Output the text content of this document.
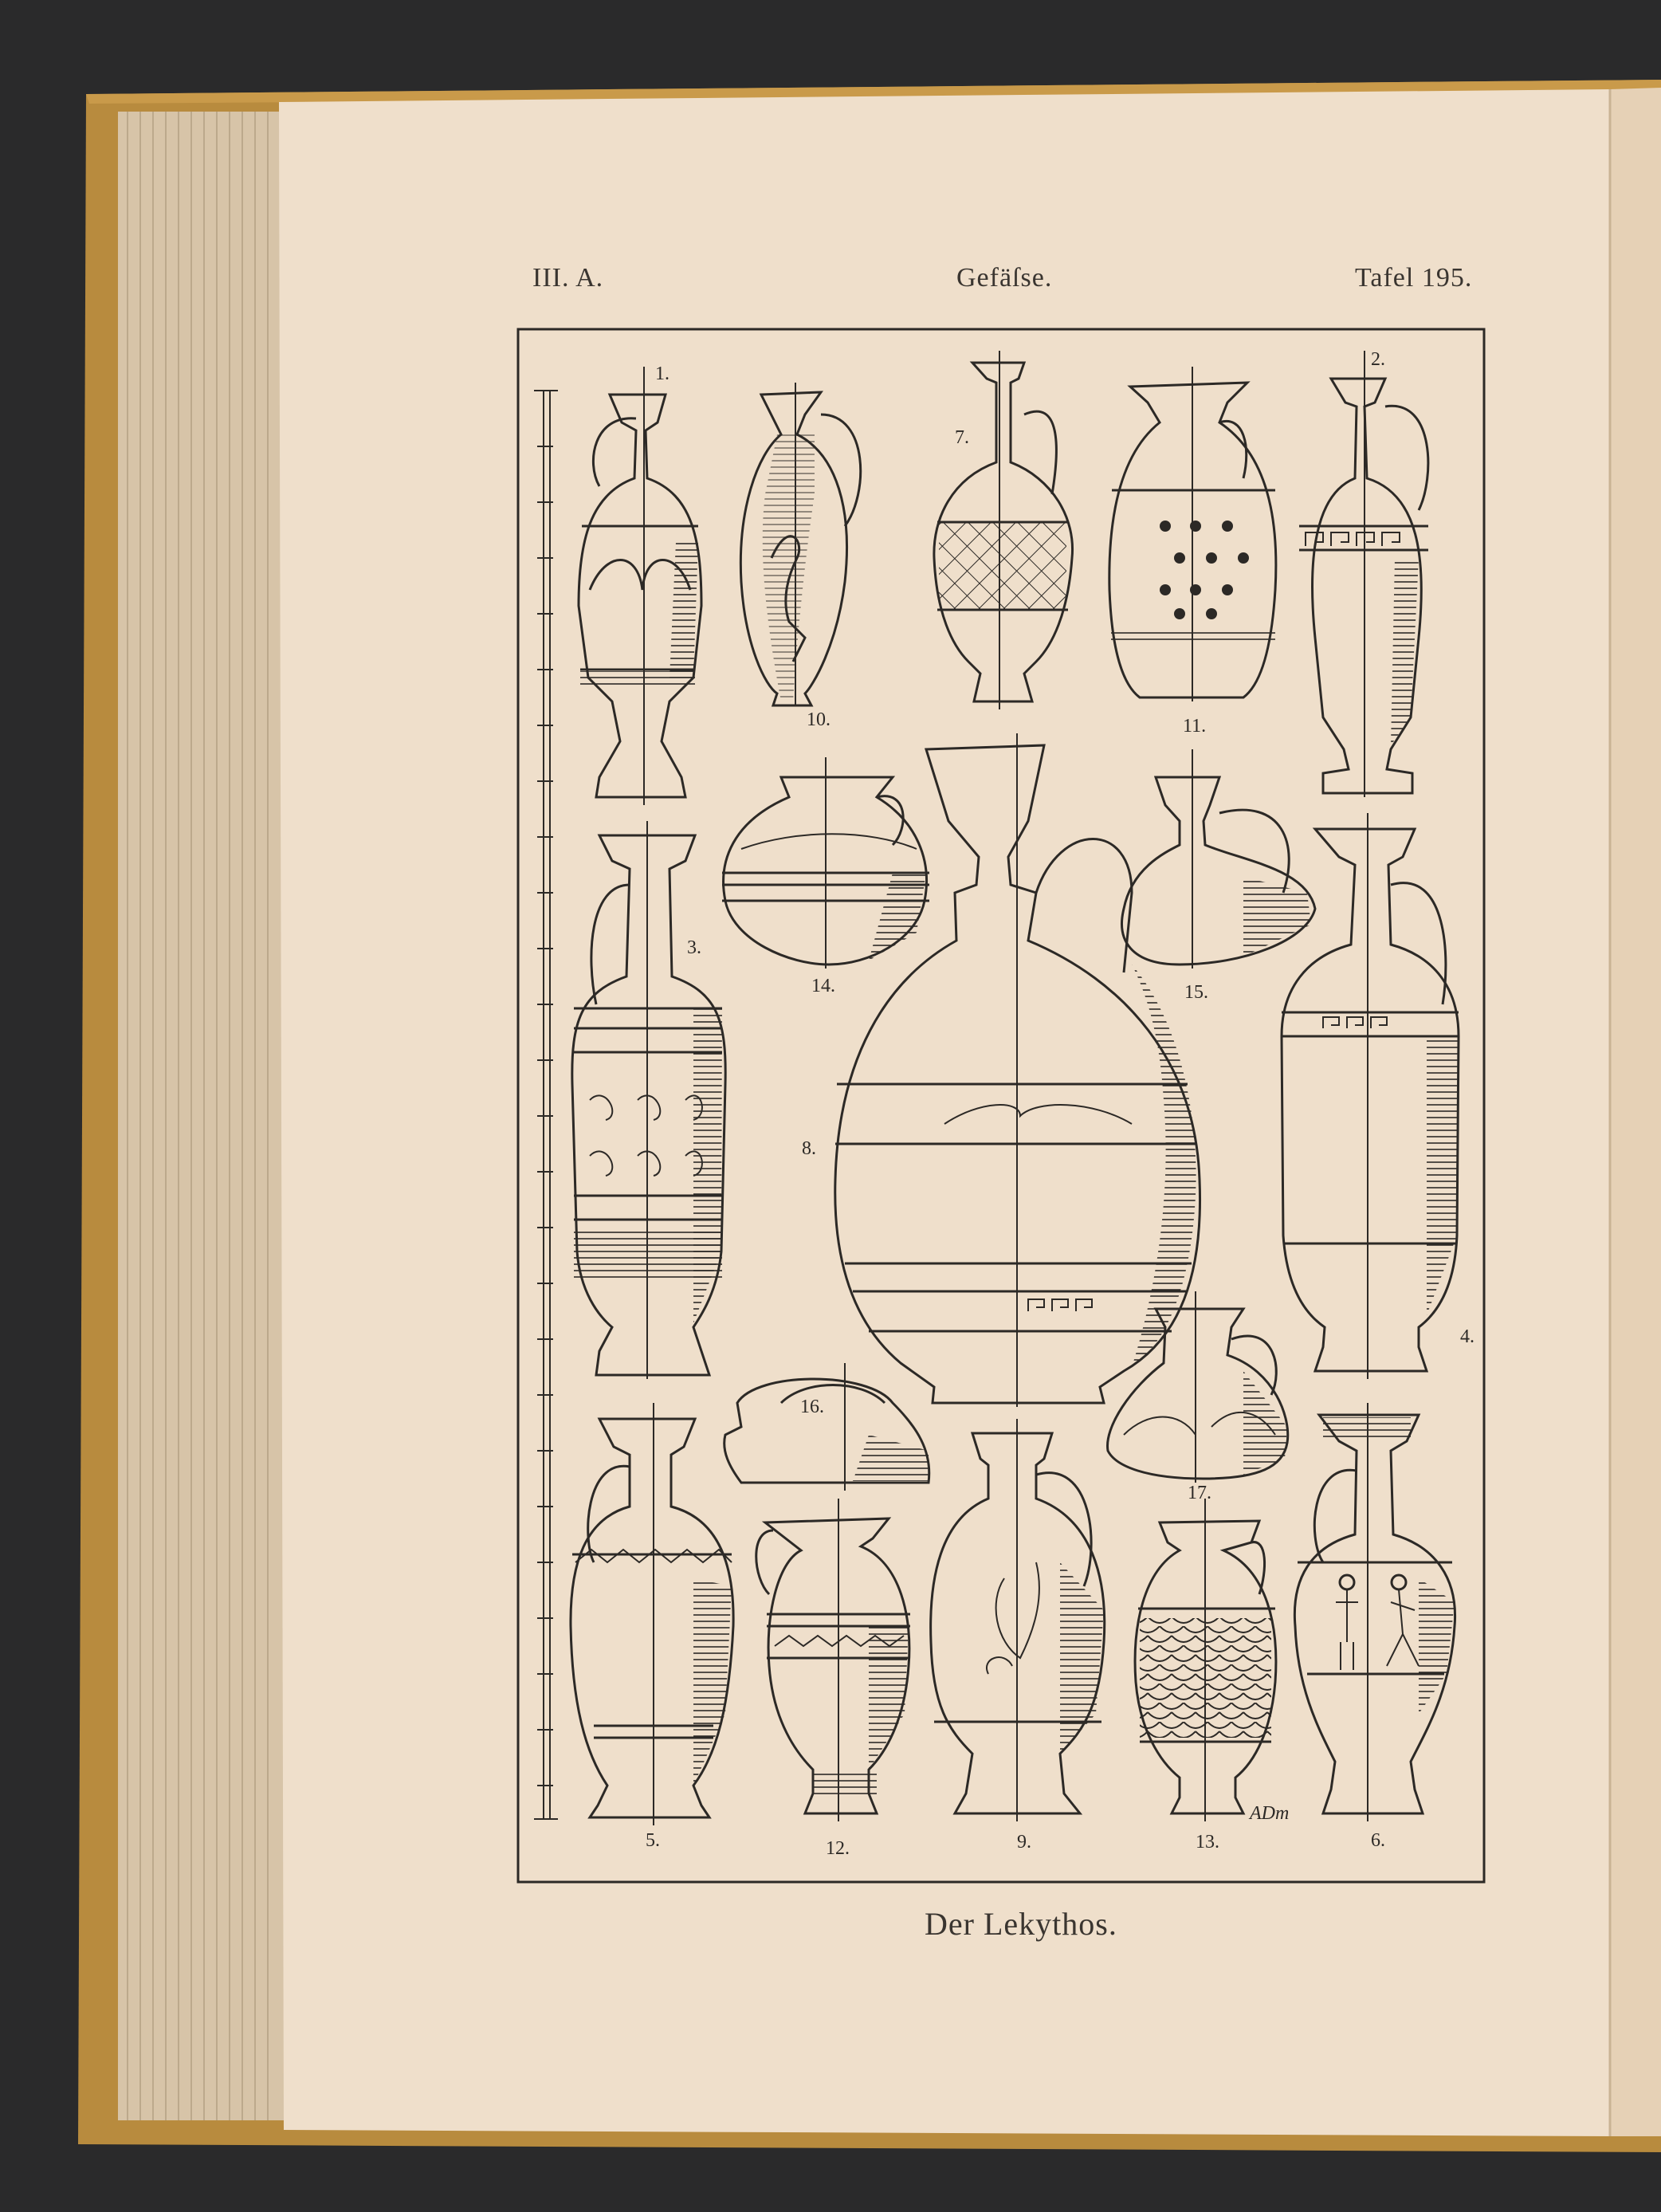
1.
2.
3.
4.
5.	6.
7.
8.
9.
10.	11.
12.	13.
14.	15.
16.
17.
ADm
III. A.	Gefäſse.	Tafel 195.
Der Lekythos.
